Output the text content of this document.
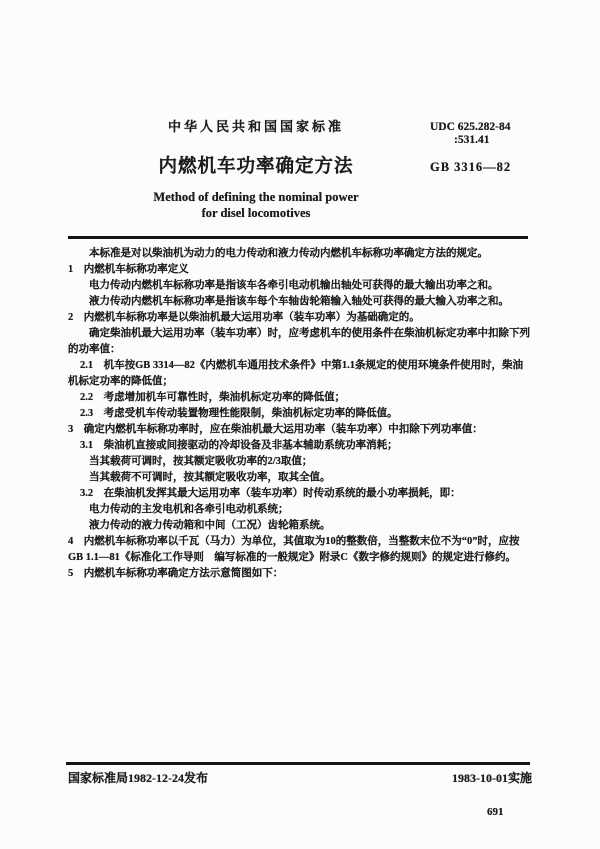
中华人民共和国国家标准
内燃机车功率确定方法
Method of defining the nominal power
for disel locomotives
UDC 625.282-84
:531.41
GB 3316—82
本标准是对以柴油机为动力的电力传动和液力传动内燃机车标称功率确定方法的规定。
1　内燃机车标称功率定义
电力传动内燃机车标称功率是指该车各牵引电动机输出轴处可获得的最大输出功率之和。
液力传动内燃机车标称功率是指该车每个车轴齿轮箱输入轴处可获得的最大输入功率之和。
2　内燃机车标称功率是以柴油机最大运用功率（装车功率）为基础确定的。
确定柴油机最大运用功率（装车功率）时，应考虑机车的使用条件在柴油机标定功率中扣除下列
的功率值：
2.1　机车按GB 3314—82《内燃机车通用技术条件》中第1.1条规定的使用环境条件使用时，柴油
机标定功率的降低值；
2.2　考虑增加机车可靠性时，柴油机标定功率的降低值；
2.3　考虑受机车传动装置物理性能限制，柴油机标定功率的降低值。
3　确定内燃机车标称功率时，应在柴油机最大运用功率（装车功率）中扣除下列功率值：
3.1　柴油机直接或间接驱动的冷却设备及非基本辅助系统功率消耗；
当其载荷可调时，按其额定吸收功率的2/3取值；
当其载荷不可调时，按其额定吸收功率，取其全值。
3.2　在柴油机发挥其最大运用功率（装车功率）时传动系统的最小功率损耗，即：
电力传动的主发电机和各牵引电动机系统；
液力传动的液力传动箱和中间（工况）齿轮箱系统。
4　内燃机车标称功率以千瓦（马力）为单位，其值取为10的整数倍，当整数末位不为“0”时，应按
GB 1.1—81《标准化工作导则　编写标准的一般规定》附录C《数字修约规则》的规定进行修约。
5　内燃机车标称功率确定方法示意简图如下：
国家标准局1982-12-24发布	1983-10-01实施
691
